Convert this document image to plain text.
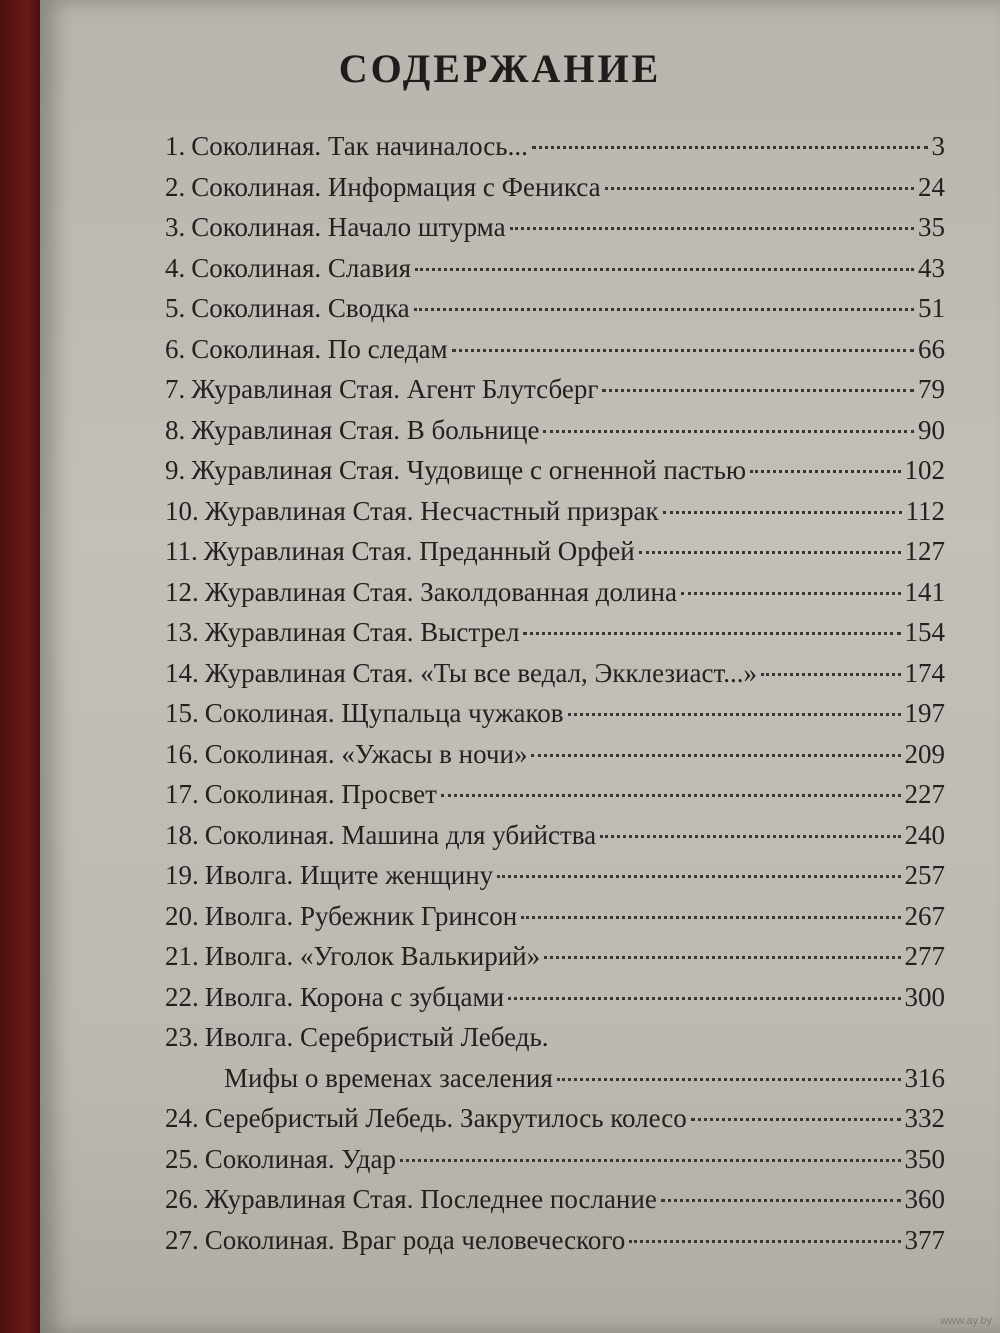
СОДЕРЖАНИЕ
1. Соколиная. Так начиналось...	3
2. Соколиная. Информация с Феникса	24
3. Соколиная. Начало штурма	35
4. Соколиная. Славия	43
5. Соколиная. Сводка	51
6. Соколиная. По следам	66
7. Журавлиная Стая. Агент Блутсберг	79
8. Журавлиная Стая. В больнице	90
9. Журавлиная Стая. Чудовище с огненной пастью	102
10. Журавлиная Стая. Несчастный призрак	112
11. Журавлиная Стая. Преданный Орфей	127
12. Журавлиная Стая. Заколдованная долина	141
13. Журавлиная Стая. Выстрел	154
14. Журавлиная Стая. «Ты все ведал, Экклезиаст...»	174
15. Соколиная. Щупальца чужаков	197
16. Соколиная. «Ужасы в ночи»	209
17. Соколиная. Просвет	227
18. Соколиная. Машина для убийства	240
19. Иволга. Ищите женщину	257
20. Иволга. Рубежник Гринсон	267
21. Иволга. «Уголок Валькирий»	277
22. Иволга. Корона с зубцами	300
23. Иволга. Серебристый Лебедь.
Мифы о временах заселения	316
24. Серебристый Лебедь. Закрутилось колесо	332
25. Соколиная. Удар	350
26. Журавлиная Стая. Последнее послание	360
27. Соколиная. Враг рода человеческого	377
www.ay.by
